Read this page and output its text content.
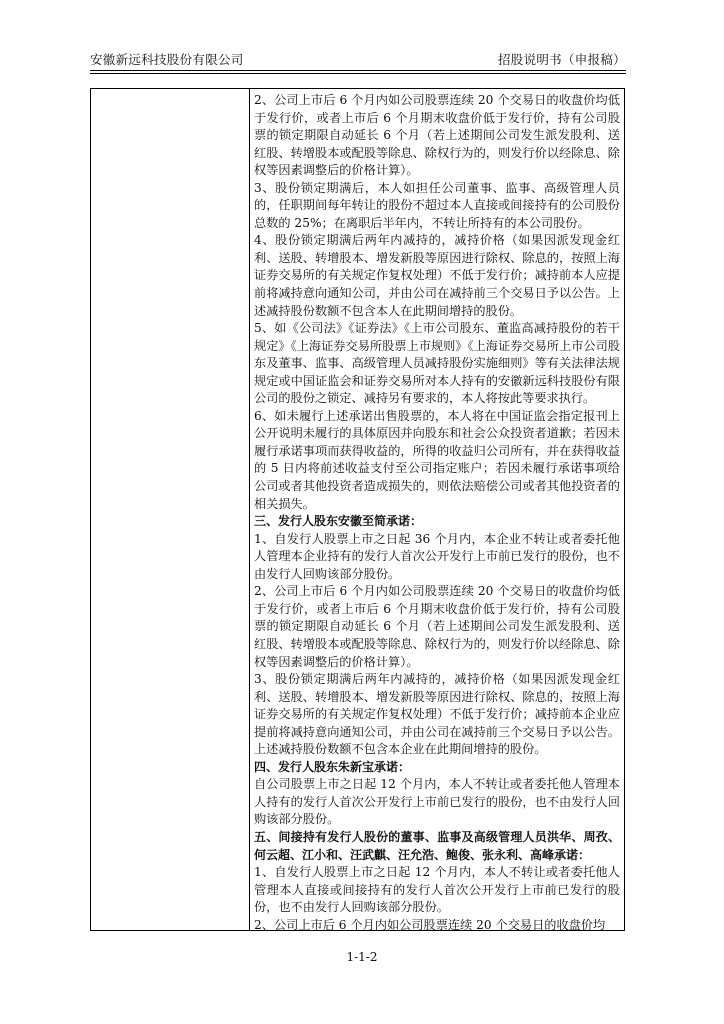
安徽新远科技股份有限公司	招股说明书（申报稿）

2、公司上市后 6 个月内如公司股票连续 20 个交易日的收盘价均低于发行价，或者上市后 6 个月期末收盘价低于发行价，持有公司股票的锁定期限自动延长 6 个月（若上述期间公司发生派发股利、送红股、转增股本或配股等除息、除权行为的，则发行价以经除息、除权等因素调整后的价格计算）。

3、股份锁定期满后，本人如担任公司董事、监事、高级管理人员的，任职期间每年转让的股份不超过本人直接或间接持有的公司股份总数的 25%；在离职后半年内，不转让所持有的本公司股份。

4、股份锁定期满后两年内减持的，减持价格（如果因派发现金红利、送股、转增股本、增发新股等原因进行除权、除息的，按照上海证券交易所的有关规定作复权处理）不低于发行价；减持前本人应提前将减持意向通知公司，并由公司在减持前三个交易日予以公告。上述减持股份数额不包含本人在此期间增持的股份。

5、如《公司法》《证券法》《上市公司股东、董监高减持股份的若干规定》《上海证券交易所股票上市规则》《上海证券交易所上市公司股东及董事、监事、高级管理人员减持股份实施细则》等有关法律法规规定或中国证监会和证券交易所对本人持有的安徽新远科技股份有限公司的股份之锁定、减持另有要求的，本人将按此等要求执行。

6、如未履行上述承诺出售股票的，本人将在中国证监会指定报刊上公开说明未履行的具体原因并向股东和社会公众投资者道歉；若因未履行承诺事项而获得收益的，所得的收益归公司所有，并在获得收益的 5 日内将前述收益支付至公司指定账户；若因未履行承诺事项给公司或者其他投资者造成损失的，则依法赔偿公司或者其他投资者的相关损失。

三、发行人股东安徽至简承诺：

1、自发行人股票上市之日起 36 个月内，本企业不转让或者委托他人管理本企业持有的发行人首次公开发行上市前已发行的股份，也不由发行人回购该部分股份。

2、公司上市后 6 个月内如公司股票连续 20 个交易日的收盘价均低于发行价，或者上市后 6 个月期末收盘价低于发行价，持有公司股票的锁定期限自动延长 6 个月（若上述期间公司发生派发股利、送红股、转增股本或配股等除息、除权行为的，则发行价以经除息、除权等因素调整后的价格计算）。

3、股份锁定期满后两年内减持的，减持价格（如果因派发现金红利、送股、转增股本、增发新股等原因进行除权、除息的，按照上海证券交易所的有关规定作复权处理）不低于发行价；减持前本企业应提前将减持意向通知公司，并由公司在减持前三个交易日予以公告。上述减持股份数额不包含本企业在此期间增持的股份。

四、发行人股东朱新宝承诺：

自公司股票上市之日起 12 个月内，本人不转让或者委托他人管理本人持有的发行人首次公开发行上市前已发行的股份，也不由发行人回购该部分股份。

五、间接持有发行人股份的董事、监事及高级管理人员洪华、周孜、何云超、江小和、汪武麒、汪允浩、鲍俊、张永利、高峰承诺：

1、自发行人股票上市之日起 12 个月内，本人不转让或者委托他人管理本人直接或间接持有的发行人首次公开发行上市前已发行的股份，也不由发行人回购该部分股份。

2、公司上市后 6 个月内如公司股票连续 20 个交易日的收盘价均

1-1-2
